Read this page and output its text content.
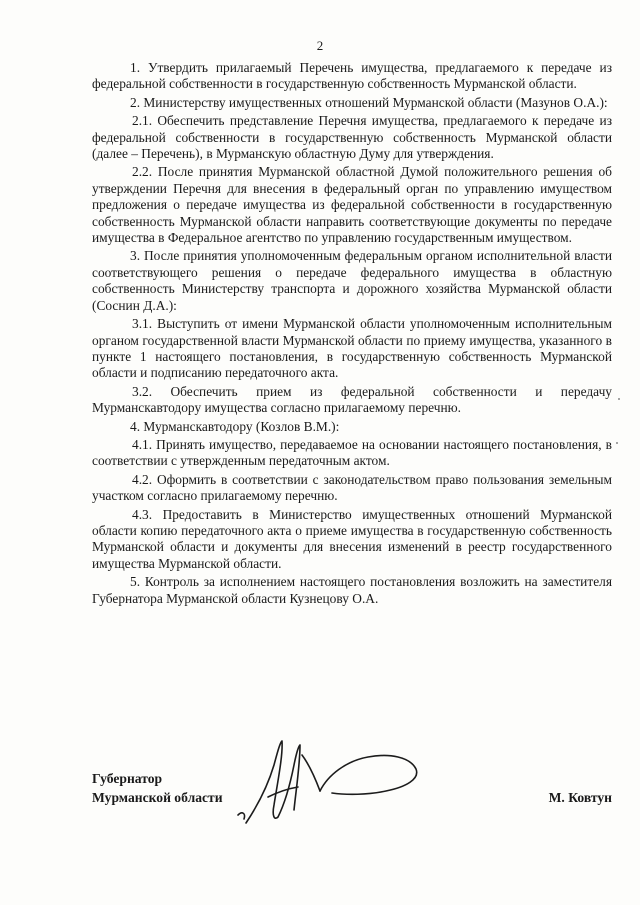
2

1. Утвердить прилагаемый Перечень имущества, предлагаемого к передаче из федеральной собственности в государственную собственность Мурманской области.

2. Министерству имущественных отношений Мурманской области (Мазунов О.А.):

2.1. Обеспечить представление Перечня имущества, предлагаемого к передаче из федеральной собственности в государственную собственность Мурманской области (далее – Перечень), в Мурманскую областную Думу для утверждения.

2.2. После принятия Мурманской областной Думой положительного решения об утверждении Перечня для внесения в федеральный орган по управлению имуществом предложения о передаче имущества из федеральной собственности в государственную собственность Мурманской области направить соответствующие документы по передаче имущества в Федеральное агентство по управлению государственным имуществом.

3. После принятия уполномоченным федеральным органом исполнительной власти соответствующего решения о передаче федерального имущества в областную собственность Министерству транспорта и дорожного хозяйства Мурманской области (Соснин Д.А.):

3.1. Выступить от имени Мурманской области уполномоченным исполнительным органом государственной власти Мурманской области по приему имущества, указанного в пункте 1 настоящего постановления, в государственную собственность Мурманской области и подписанию передаточного акта.

3.2. Обеспечить прием из федеральной собственности и передачу Мурманскавтодору имущества согласно прилагаемому перечню.

4. Мурманскавтодору (Козлов В.М.):

4.1. Принять имущество, передаваемое на основании настоящего постановления, в соответствии с утвержденным передаточным актом.

4.2. Оформить в соответствии с законодательством право пользования земельным участком согласно прилагаемому перечню.

4.3. Предоставить в Министерство имущественных отношений Мурманской области копию передаточного акта о приеме имущества в государственную собственность Мурманской области и документы для внесения изменений в реестр государственного имущества Мурманской области.

5. Контроль за исполнением настоящего постановления возложить на заместителя Губернатора Мурманской области Кузнецову О.А.

Губернатор
Мурманской области	М. Ковтун
